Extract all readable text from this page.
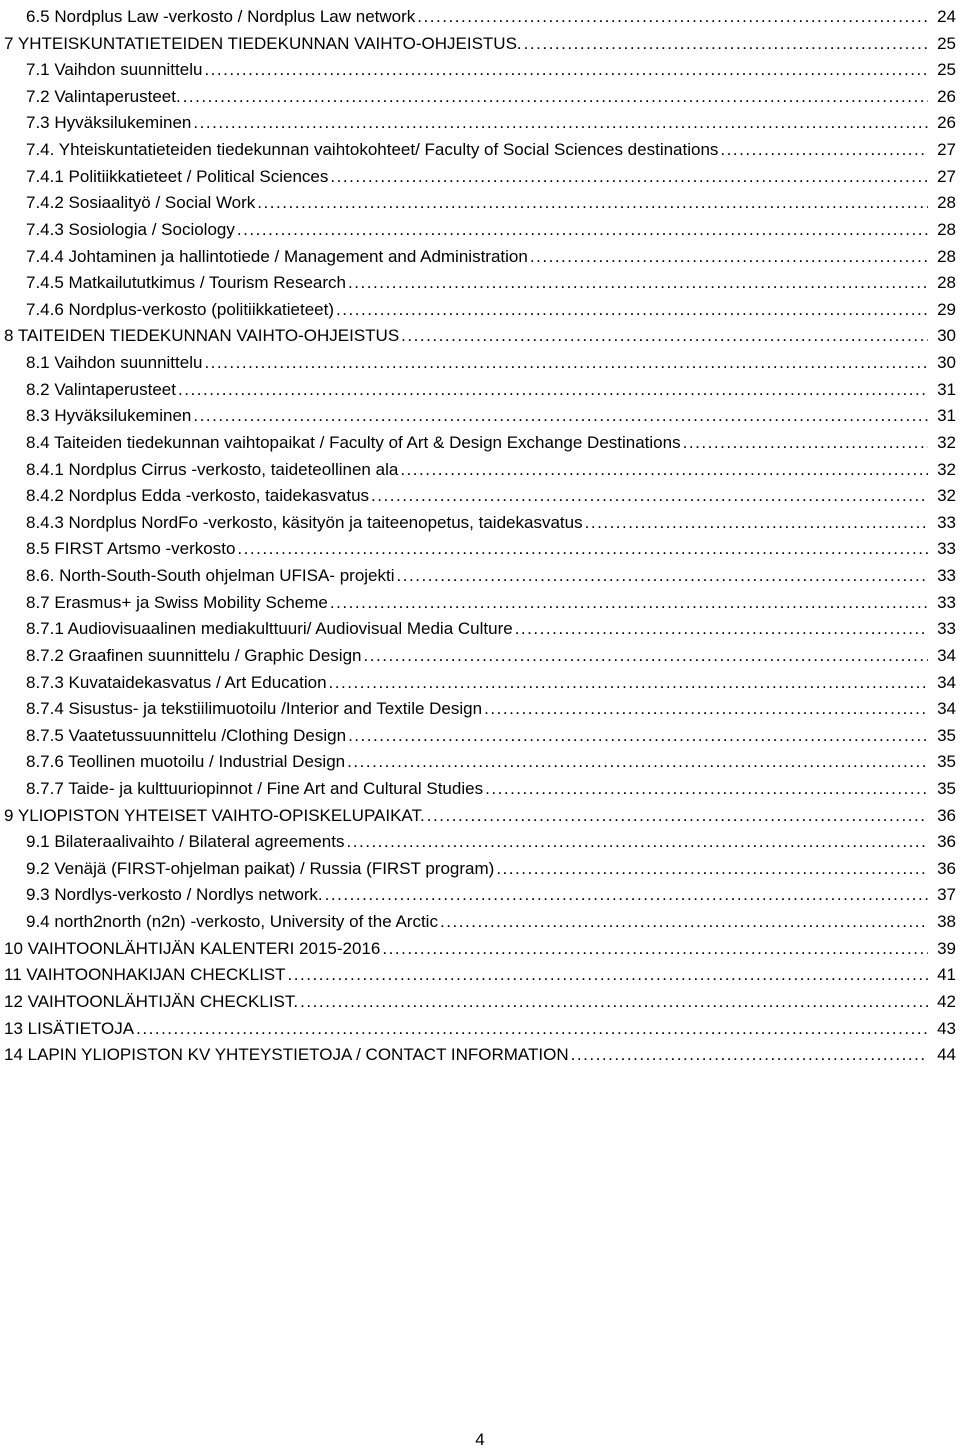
6.5 Nordplus Law -verkosto / Nordplus Law network . . .	24
7 YHTEISKUNTATIETEIDEN TIEDEKUNNAN VAIHTO-OHJEISTUS. . . .	25
7.1 Vaihdon suunnittelu . . .	25
7.2 Valintaperusteet. . . .	26
7.3 Hyväksilukeminen . . .	26
7.4. Yhteiskuntatieteiden tiedekunnan vaihtokohteet/ Faculty of Social Sciences destinations . . .	27
7.4.1 Politiikkatieteet / Political Sciences . . .	27
7.4.2 Sosiaalityö / Social Work . . .	28
7.4.3 Sosiologia / Sociology . . .	28
7.4.4 Johtaminen ja hallintotiede / Management and Administration . . .	28
7.4.5 Matkailututkimus / Tourism Research . . .	28
7.4.6 Nordplus-verkosto (politiikkatieteet) . . .	29
8 TAITEIDEN TIEDEKUNNAN VAIHTO-OHJEISTUS . . .	30
8.1 Vaihdon suunnittelu . . .	30
8.2 Valintaperusteet . . .	31
8.3 Hyväksilukeminen . . .	31
8.4 Taiteiden tiedekunnan vaihtopaikat / Faculty of Art & Design Exchange Destinations . . .	32
8.4.1 Nordplus Cirrus -verkosto, taideteollinen ala . . .	32
8.4.2 Nordplus Edda -verkosto, taidekasvatus . . .	32
8.4.3 Nordplus NordFo -verkosto, käsityön ja taiteenopetus, taidekasvatus . . .	33
8.5 FIRST Artsmo -verkosto . . .	33
8.6. North-South-South ohjelman UFISA- projekti . . .	33
8.7 Erasmus+ ja Swiss Mobility Scheme . . .	33
8.7.1 Audiovisuaalinen mediakulttuuri/ Audiovisual Media Culture . . .	33
8.7.2 Graafinen suunnittelu / Graphic Design . . .	34
8.7.3 Kuvataidekasvatus / Art Education . . .	34
8.7.4 Sisustus- ja tekstiilimuotoilu /Interior and Textile Design . . .	34
8.7.5 Vaatetussuunnittelu /Clothing Design . . .	35
8.7.6 Teollinen muotoilu / Industrial Design . . .	35
8.7.7 Taide- ja kulttuuriopinnot / Fine Art and Cultural Studies . . .	35
9 YLIOPISTON YHTEISET VAIHTO-OPISKELUPAIKAT. . . .	36
9.1 Bilateraalivaihto / Bilateral agreements . . .	36
9.2 Venäjä (FIRST-ohjelman paikat) / Russia (FIRST program) . . .	36
9.3 Nordlys-verkosto / Nordlys network. . . .	37
9.4 north2north (n2n) -verkosto, University of the Arctic . . .	38
10 VAIHTOONLÄHTIJÄN KALENTERI 2015-2016 . . .	39
11 VAIHTOONHAKIJAN CHECKLIST . . .	41
12 VAIHTOONLÄHTIJÄN CHECKLIST. . . .	42
13 LISÄTIETOJA . . .	43
14 LAPIN YLIOPISTON KV YHTEYSTIETOJA / CONTACT INFORMATION . . .	44
4
